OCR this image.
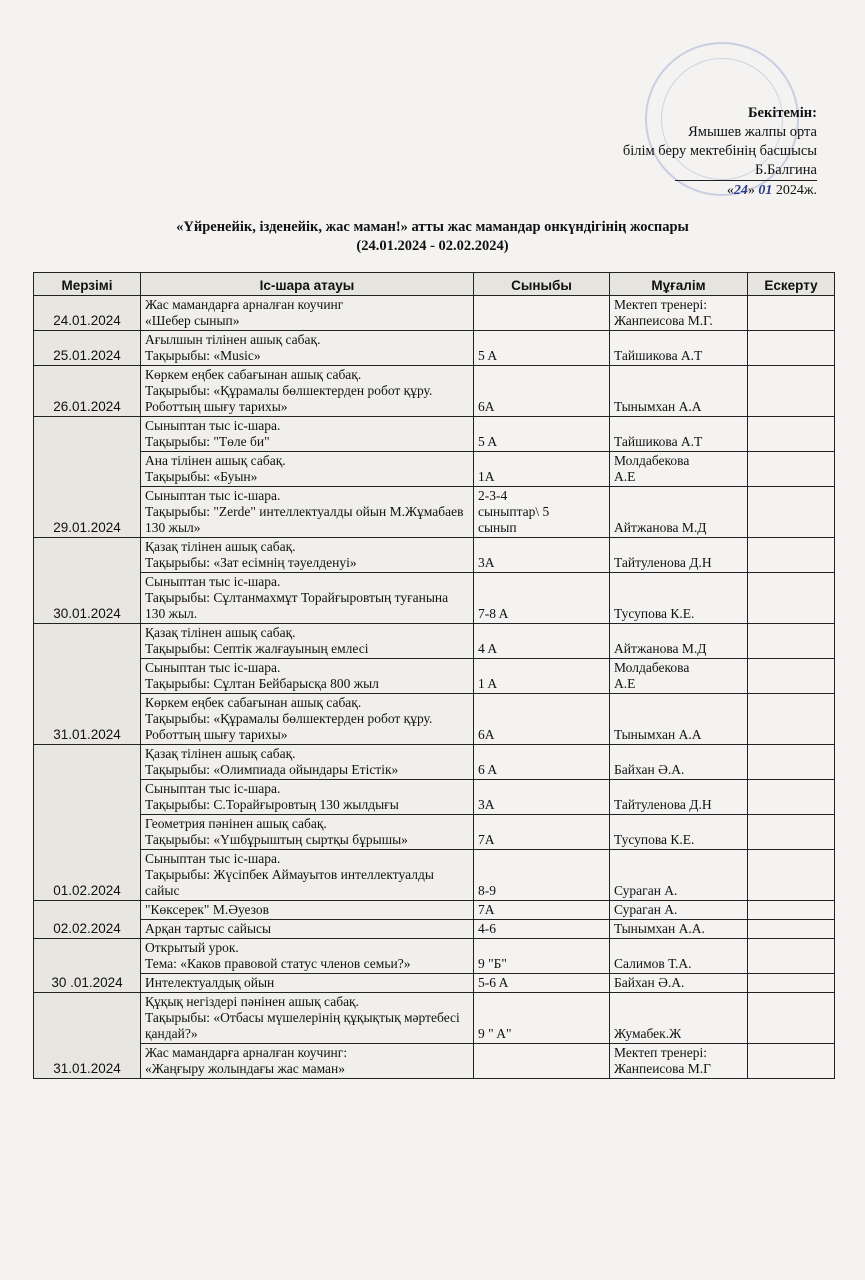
Бекітемін:
Ямышев жалпы орта
білім беру мектебінің басшысы
Б.Балгина
«24» 01 2024ж.
«Үйренейік, ізденейік, жас маман!» атты жас мамандар онкүндігінің жоспары
(24.01.2024 - 02.02.2024)
Мерзімі	Іс-шара атауы	Сыныбы	Мұғалім	Ескерту
24.01.2024	Жас мамандарға арналған коучинг
«Шебер сынып»		Мектеп тренері:
Жанпеисова М.Г.	
25.01.2024	Ағылшын тілінен ашық сабақ.
Тақырыбы: «Music»	5 A	Тайшикова А.Т	
26.01.2024	Көркем еңбек сабағынан ашық сабақ.
Тақырыбы: «Құрамалы бөлшектерден робот құру. Роботтың шығу тарихы»	6A	Тынымхан А.А	
29.01.2024	Сыныптан тыс іс-шара.
Тақырыбы: "Төле би"	5 A	Тайшикова А.Т	
	Ана тілінен ашық сабақ.
Тақырыбы: «Буын»	1A	Молдабекова
А.Е	
	Сыныптан тыс іс-шара.
Тақырыбы: "Zerde" интеллектуалды ойын М.Жұмабаев 130 жыл»	2-3-4
сыныптар\ 5
сынып	Айтжанова М.Д	
30.01.2024	Қазақ тілінен ашық сабақ.
Тақырыбы: «Зат есімнің тәуелденуі»	3A	Тайтуленова Д.Н	
	Сыныптан тыс іс-шара.
Тақырыбы: Сұлтанмахмұт Торайғыровтың туғанына 130 жыл.	7-8 A	Тусупова К.Е.	
31.01.2024	Қазақ тілінен ашық сабақ.
Тақырыбы: Септік жалғауының емлесі	4 A	Айтжанова М.Д	
	Сыныптан тыс іс-шара.
Тақырыбы: Сұлтан Бейбарысқа 800 жыл	1 A	Молдабекова
А.Е	
	Көркем еңбек сабағынан ашық сабақ.
Тақырыбы: «Құрамалы бөлшектерден робот құру. Роботтың шығу тарихы»	6A	Тынымхан А.А	
01.02.2024	Қазақ тілінен ашық сабақ.
Тақырыбы: «Олимпиада ойындары Етістік»	6 A	Байхан Ә.А.	
	Сыныптан тыс іс-шара.
Тақырыбы: С.Торайғыровтың 130 жылдығы	3A	Тайтуленова Д.Н	
	Геометрия пәнінен ашық сабақ.
Тақырыбы: «Үшбұрыштың сыртқы бұрышы»	7A	Тусупова К.Е.	
	Сыныптан тыс іс-шара.
Тақырыбы: Жүсіпбек Аймауытов интеллектуалды сайыс	8-9	Сураган А.	
02.02.2024	"Көксерек" М.Әуезов	7A	Сураган А.	
	Арқан тартыс сайысы	4-6	Тынымхан А.А.	
30 .01.2024	Открытый урок.
Тема: «Каков правовой статус членов семьи?»	9 "Б"	Салимов Т.А.	
	Интелектуалдық ойын	5-6 A	Байхан Ә.А.	
31.01.2024	Құқық негіздері пәнінен ашық сабақ.
Тақырыбы: «Отбасы мүшелерінің құқықтық мәртебесі қандай?»	9 " A"	Жумабек.Ж	
	Жас мамандарға арналған коучинг:
«Жаңғыру жолындағы жас маман»		Мектеп тренері:
Жанпеисова М.Г	
